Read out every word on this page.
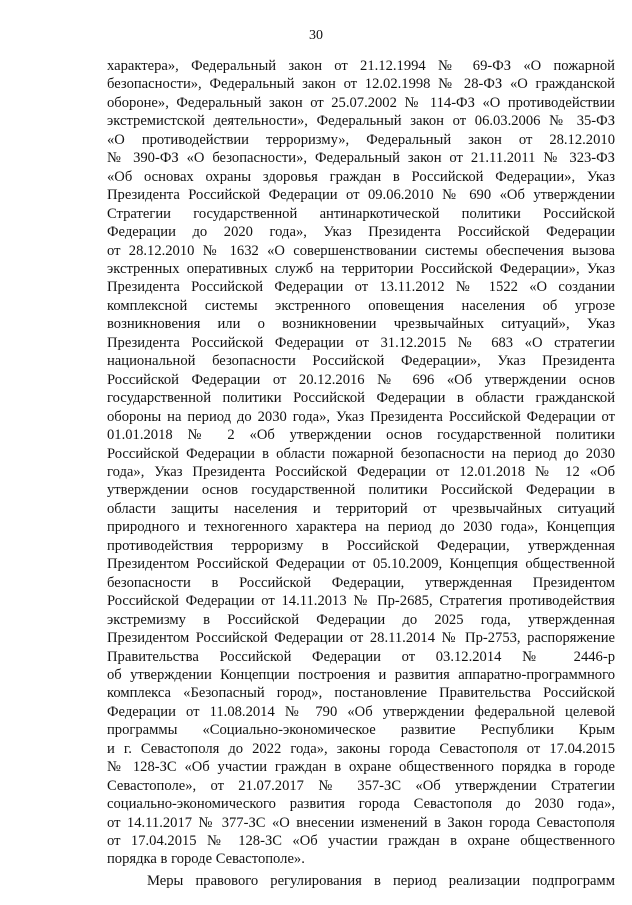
30
характера», Федеральный закон от 21.12.1994 № 69-ФЗ «О пожарной
безопасности», Федеральный закон от 12.02.1998 № 28-ФЗ «О гражданской
обороне», Федеральный закон от 25.07.2002 № 114-ФЗ «О противодействии
экстремистской деятельности», Федеральный закон от 06.03.2006 № 35-ФЗ
«О противодействии терроризму», Федеральный закон от 28.12.2010
№ 390-ФЗ «О безопасности», Федеральный закон от 21.11.2011 № 323-ФЗ
«Об основах охраны здоровья граждан в Российской Федерации», Указ
Президента Российской Федерации от 09.06.2010 № 690 «Об утверждении
Стратегии государственной антинаркотической политики Российской
Федерации до 2020 года», Указ Президента Российской Федерации
от 28.12.2010 № 1632 «О совершенствовании системы обеспечения вызова
экстренных оперативных служб на территории Российской Федерации», Указ
Президента Российской Федерации от 13.11.2012 № 1522 «О создании
комплексной системы экстренного оповещения населения об угрозе
возникновения или о возникновении чрезвычайных ситуаций», Указ
Президента Российской Федерации от 31.12.2015 № 683 «О стратегии
национальной безопасности Российской Федерации», Указ Президента
Российской Федерации от 20.12.2016 № 696 «Об утверждении основ
государственной политики Российской Федерации в области гражданской
обороны на период до 2030 года», Указ Президента Российской Федерации от
01.01.2018 № 2 «Об утверждении основ государственной политики
Российской Федерации в области пожарной безопасности на период до 2030
года», Указ Президента Российской Федерации от 12.01.2018 № 12 «Об
утверждении основ государственной политики Российской Федерации в
области защиты населения и территорий от чрезвычайных ситуаций
природного и техногенного характера на период до 2030 года», Концепция
противодействия терроризму в Российской Федерации, утвержденная
Президентом Российской Федерации от 05.10.2009, Концепция общественной
безопасности в Российской Федерации, утвержденная Президентом
Российской Федерации от 14.11.2013 № Пр-2685, Стратегия противодействия
экстремизму в Российской Федерации до 2025 года, утвержденная
Президентом Российской Федерации от 28.11.2014 № Пр-2753, распоряжение
Правительства Российской Федерации от 03.12.2014 № 2446-р
об утверждении Концепции построения и развития аппаратно-программного
комплекса «Безопасный город», постановление Правительства Российской
Федерации от 11.08.2014 № 790 «Об утверждении федеральной целевой
программы «Социально-экономическое развитие Республики Крым
и г. Севастополя до 2022 года», законы города Севастополя от 17.04.2015
№ 128-ЗС «Об участии граждан в охране общественного порядка в городе
Севастополе», от 21.07.2017 № 357-ЗС «Об утверждении Стратегии
социально-экономического развития города Севастополя до 2030 года»,
от 14.11.2017 № 377-ЗС «О внесении изменений в Закон города Севастополя
от 17.04.2015 № 128-ЗС «Об участии граждан в охране общественного
порядка в городе Севастополе».
Меры правового регулирования в период реализации подпрограмм
